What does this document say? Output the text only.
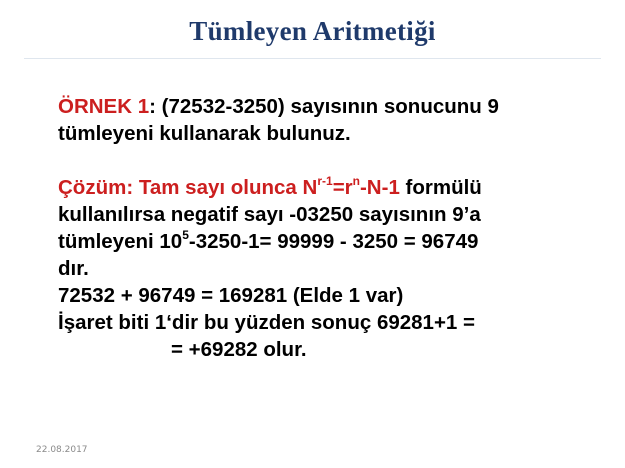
Tümleyen Aritmetiği
ÖRNEK 1: (72532-3250) sayısının sonucunu 9
tümleyeni kullanarak bulunuz.
Çözüm: Tam sayı olunca $N^{r-1}=r^n-N-1$ formülü
kullanılırsa negatif sayı -03250 sayısının 9’a
tümleyeni $10^5-3250-1= 99999 - 3250 = 96749$
dır.
72532 + 96749 = 169281 (Elde 1 var)
İşaret biti 1‘dir bu yüzden sonuç 69281+1 =
= +69282 olur.
22.08.2017
